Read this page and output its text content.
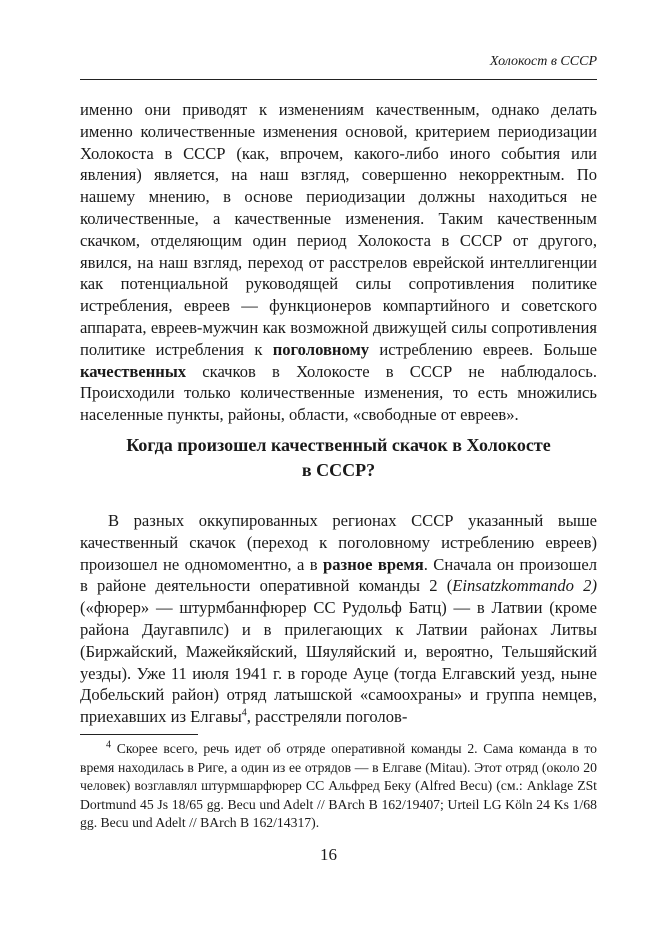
Холокост в СССР

именно они приводят к изменениям качественным, однако делать именно количественные изменения основой, критерием периодизации Холокоста в СССР (как, впрочем, какого-либо иного события или явления) является, на наш взгляд, совершенно некорректным. По нашему мнению, в основе периодизации должны находиться не количественные, а качественные изменения. Таким качественным скачком, отделяющим один период Холокоста в СССР от другого, явился, на наш взгляд, переход от расстрелов еврейской интеллигенции как потенциальной руководящей силы сопротивления политике истребления, евреев — функционеров компартийного и советского аппарата, евреев-мужчин как возможной движущей силы сопротивления политике истребления к поголовному истреблению евреев. Больше качественных скачков в Холокосте в СССР не наблюдалось. Происходили только количественные изменения, то есть множились населенные пункты, районы, области, «свободные от евреев».

Когда произошел качественный скачок в Холокосте
в СССР?

В разных оккупированных регионах СССР указанный выше качественный скачок (переход к поголовному истреблению евреев) произошел не одномоментно, а в разное время. Сначала он произошел в районе деятельности оперативной команды 2 (Einsatzkommando 2) («фюрер» — штурмбаннфюрер СС Рудольф Батц) — в Латвии (кроме района Даугавпилс) и в прилегающих к Латвии районах Литвы (Биржайский, Мажейкяйский, Шяуляйский и, вероятно, Тельшяйский уезды). Уже 11 июля 1941 г. в городе Ауце (тогда Елгавский уезд, ныне Добельский район) отряд латышской «самоохраны» и группа немцев, приехавших из Елгавы$^4$, расстреляли поголов-

$^4$ Скорее всего, речь идет об отряде оперативной команды 2. Сама команда в то время находилась в Риге, а один из ее отрядов — в Елгаве (Mitau). Этот отряд (около 20 человек) возглавлял штурмшарфюрер СС Альфред Беку (Alfred Becu) (см.: Anklage ZSt Dortmund 45 Js 18/65 gg. Becu und Adelt // BArch B 162/19407; Urteil LG Köln 24 Ks 1/68 gg. Becu und Adelt // BArch B 162/14317).

16
